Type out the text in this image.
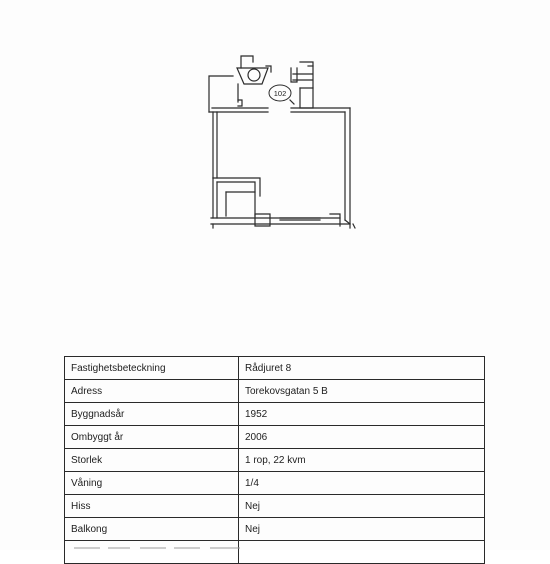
102
Fastighetsbeteckning	Rådjuret 8
Adress	Torekovsgatan 5 B
Byggnadsår	1952
Ombyggt år	2006
Storlek	1 rop, 22 kvm
Våning	1/4
Hiss	Nej
Balkong	Nej
